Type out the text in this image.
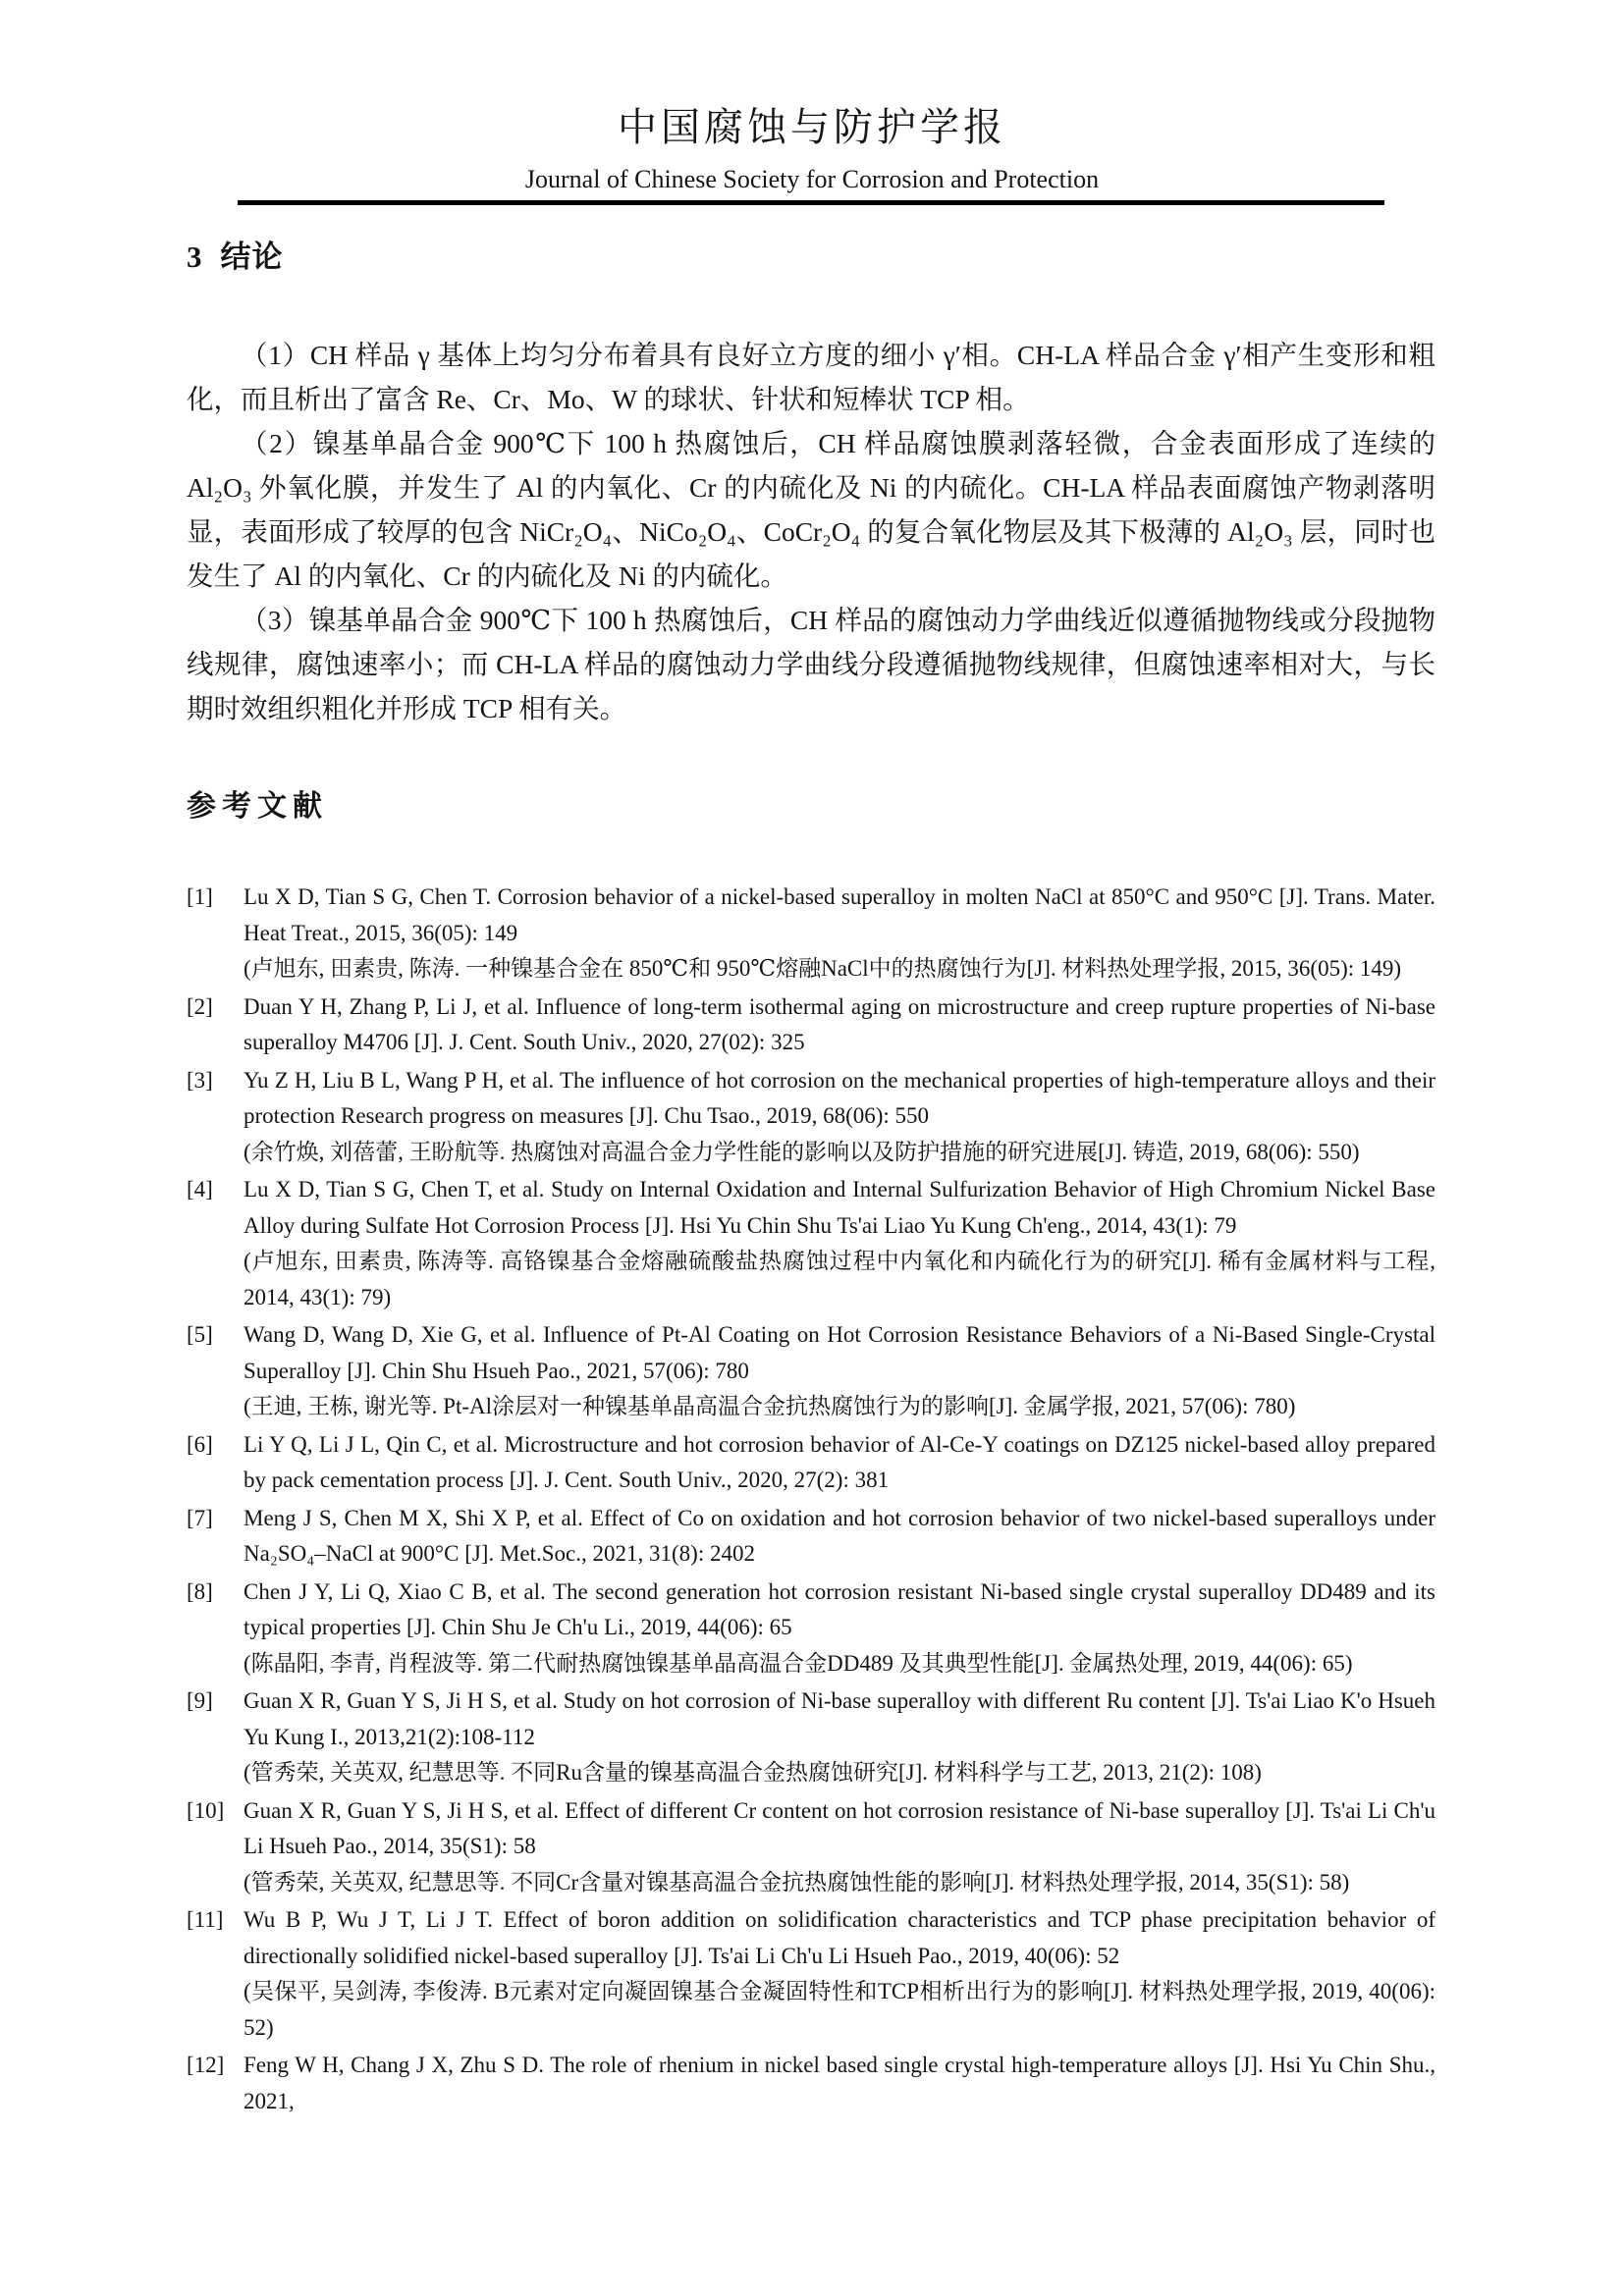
中国腐蚀与防护学报
Journal of Chinese Society for Corrosion and Protection
3 结论

（1）CH 样品 γ 基体上均匀分布着具有良好立方度的细小 γ′相。CH-LA 样品合金 γ′相产生变形和粗化，而且析出了富含 Re、Cr、Mo、W 的球状、针状和短棒状 TCP 相。

（2）镍基单晶合金 900℃下 100 h 热腐蚀后，CH 样品腐蚀膜剥落轻微，合金表面形成了连续的 Al₂O₃ 外氧化膜，并发生了 Al 的内氧化、Cr 的内硫化及 Ni 的内硫化。CH-LA 样品表面腐蚀产物剥落明显，表面形成了较厚的包含 NiCr₂O₄、NiCo₂O₄、CoCr₂O₄ 的复合氧化物层及其下极薄的 Al₂O₃ 层，同时也发生了 Al 的内氧化、Cr 的内硫化及 Ni 的内硫化。

（3）镍基单晶合金 900℃下 100 h 热腐蚀后，CH 样品的腐蚀动力学曲线近似遵循抛物线或分段抛物线规律，腐蚀速率小；而 CH-LA 样品的腐蚀动力学曲线分段遵循抛物线规律，但腐蚀速率相对大，与长期时效组织粗化并形成 TCP 相有关。

参考文献
[1]	Lu X D, Tian S G, Chen T. Corrosion behavior of a nickel-based superalloy in molten NaCl at 850°C and 950°C [J]. Trans. Mater. Heat Treat., 2015, 36(05): 149

(卢旭东, 田素贵, 陈涛. 一种镍基合金在 850℃和 950℃熔融NaCl中的热腐蚀行为[J]. 材料热处理学报, 2015, 36(05): 149)

[2]	Duan Y H, Zhang P, Li J, et al. Influence of long-term isothermal aging on microstructure and creep rupture properties of Ni-base superalloy M4706 [J]. J. Cent. South Univ., 2020, 27(02): 325

[3]	Yu Z H, Liu B L, Wang P H, et al. The influence of hot corrosion on the mechanical properties of high-temperature alloys and their protection Research progress on measures [J]. Chu Tsao., 2019, 68(06): 550

(余竹焕, 刘蓓蕾, 王盼航等. 热腐蚀对高温合金力学性能的影响以及防护措施的研究进展[J]. 铸造, 2019, 68(06): 550)

[4]	Lu X D, Tian S G, Chen T, et al. Study on Internal Oxidation and Internal Sulfurization Behavior of High Chromium Nickel Base Alloy during Sulfate Hot Corrosion Process [J]. Hsi Yu Chin Shu Ts'ai Liao Yu Kung Ch'eng., 2014, 43(1): 79

(卢旭东, 田素贵, 陈涛等. 高铬镍基合金熔融硫酸盐热腐蚀过程中内氧化和内硫化行为的研究[J]. 稀有金属材料与工程, 2014, 43(1): 79)

[5]	Wang D, Wang D, Xie G, et al. Influence of Pt-Al Coating on Hot Corrosion Resistance Behaviors of a Ni-Based Single-Crystal Superalloy [J]. Chin Shu Hsueh Pao., 2021, 57(06): 780

(王迪, 王栋, 谢光等. Pt-Al涂层对一种镍基单晶高温合金抗热腐蚀行为的影响[J]. 金属学报, 2021, 57(06): 780)

[6]	Li Y Q, Li J L, Qin C, et al. Microstructure and hot corrosion behavior of Al-Ce-Y coatings on DZ125 nickel-based alloy prepared by pack cementation process [J]. J. Cent. South Univ., 2020, 27(2): 381

[7]	Meng J S, Chen M X, Shi X P, et al. Effect of Co on oxidation and hot corrosion behavior of two nickel-based superalloys under Na₂SO₄–NaCl at 900°C [J]. Met.Soc., 2021, 31(8): 2402

[8]	Chen J Y, Li Q, Xiao C B, et al. The second generation hot corrosion resistant Ni-based single crystal superalloy DD489 and its typical properties [J]. Chin Shu Je Ch'u Li., 2019, 44(06): 65

(陈晶阳, 李青, 肖程波等. 第二代耐热腐蚀镍基单晶高温合金DD489 及其典型性能[J]. 金属热处理, 2019, 44(06): 65)

[9]	Guan X R, Guan Y S, Ji H S, et al. Study on hot corrosion of Ni-base superalloy with different Ru content [J]. Ts'ai Liao K'o Hsueh Yu Kung I., 2013,21(2):108-112

(管秀荣, 关英双, 纪慧思等. 不同Ru含量的镍基高温合金热腐蚀研究[J]. 材料科学与工艺, 2013, 21(2): 108)

[10] Guan X R, Guan Y S, Ji H S, et al. Effect of different Cr content on hot corrosion resistance of Ni-base superalloy [J]. Ts'ai Li Ch'u Li Hsueh Pao., 2014, 35(S1): 58

(管秀荣, 关英双, 纪慧思等. 不同Cr含量对镍基高温合金抗热腐蚀性能的影响[J]. 材料热处理学报, 2014, 35(S1): 58)

[11] Wu B P, Wu J T, Li J T. Effect of boron addition on solidification characteristics and TCP phase precipitation behavior of directionally solidified nickel-based superalloy [J]. Ts'ai Li Ch'u Li Hsueh Pao., 2019, 40(06): 52

(吴保平, 吴剑涛, 李俊涛. B元素对定向凝固镍基合金凝固特性和TCP相析出行为的影响[J]. 材料热处理学报, 2019, 40(06): 52)

[12] Feng W H, Chang J X, Zhu S D. The role of rhenium in nickel based single crystal high-temperature alloys [J]. Hsi Yu Chin Shu., 2021,
